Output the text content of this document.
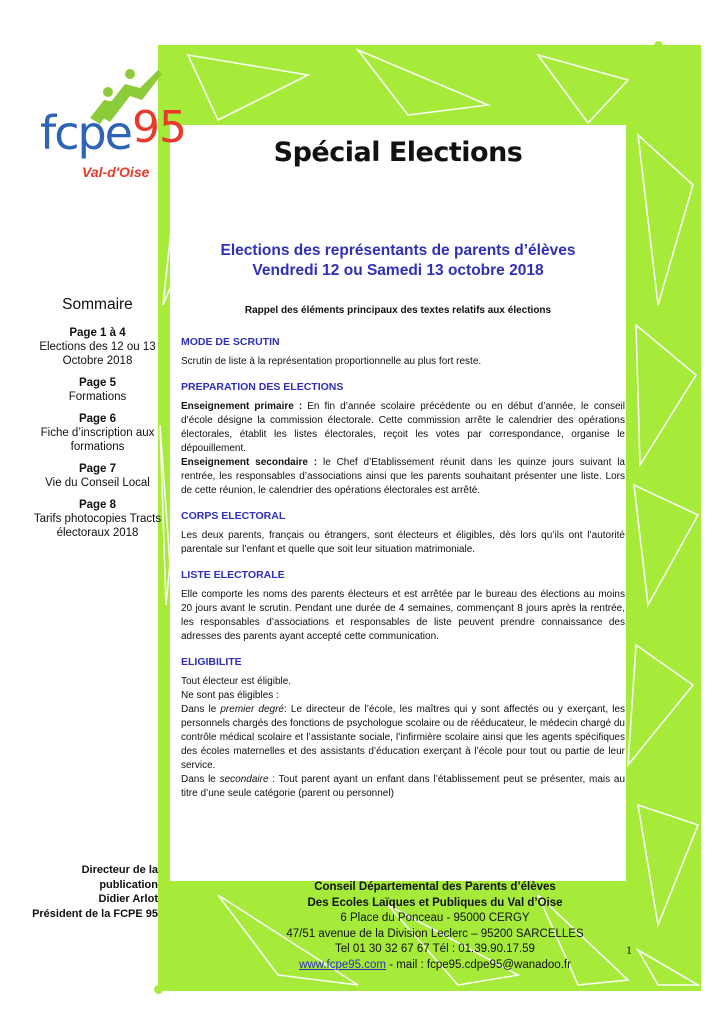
Spécial Elections
Elections des représentants de parents d’élèves
Vendredi 12 ou Samedi 13 octobre 2018
Rappel des éléments principaux des textes relatifs aux élections
MODE DE SCRUTIN

Scrutin de liste à la représentation proportionnelle au plus fort reste.

PREPARATION DES ELECTIONS

Enseignement primaire : En fin d’année scolaire précédente ou en début d’année, le conseil d’école désigne la commission électorale. Cette commission arrête le calendrier des opérations électorales, établit les listes électorales, reçoit les votes par correspondance, organise le dépouillement.

Enseignement secondaire : le Chef d’Etablissement réunit dans les quinze jours suivant la rentrée, les responsables d’associations ainsi que les parents souhaitant présenter une liste. Lors de cette réunion, le calendrier des opérations électorales est arrêté.

CORPS ELECTORAL

Les deux parents, français ou étrangers, sont électeurs et éligibles, dès lors qu’ils ont l’autorité parentale sur l’enfant et quelle que soit leur situation matrimoniale.

LISTE ELECTORALE

Elle comporte les noms des parents électeurs et est arrêtée par le bureau des élections au moins 20 jours avant le scrutin. Pendant une durée de 4 semaines, commençant 8 jours après la rentrée, les responsables d’associations et responsables de liste peuvent prendre connaissance des adresses des parents ayant accepté cette communication.

ELIGIBILITE

Tout électeur est éligible.

Ne sont pas éligibles :

Dans le premier degré: Le directeur de l’école, les maîtres qui y sont affectés ou y exerçant, les personnels chargés des fonctions de psychologue scolaire ou de rééducateur, le médecin chargé du contrôle médical scolaire et l’assistante sociale, l’infirmière scolaire ainsi que les agents spécifiques des écoles maternelles et des assistants d’éducation exerçant à l’école pour tout ou partie de leur service.

Dans le secondaire : Tout parent ayant un enfant dans l’établissement peut se présenter, mais au titre d’une seule catégorie (parent ou personnel)

fcpe 95
Val-d'Oise
Sommaire
Page 1 à 4
Elections des 12 ou 13 Octobre 2018
Page 5
Formations
Page 6
Fiche d’inscription aux formations
Page 7
Vie du Conseil Local
Page 8
Tarifs photocopies Tracts électoraux 2018
Directeur de la
publication
Didier Arlot
Président de la FCPE 95
Conseil Départemental des Parents d’élèves
Des Ecoles Laïques et Publiques du Val d’Oise
6 Place du Ponceau - 95000 CERGY
47/51 avenue de la Division Leclerc – 95200 SARCELLES
Tel 01 30 32 67 67 Tél : 01.39.90.17.59
www.fcpe95.com - mail : fcpe95.cdpe95@wanadoo.fr
1
